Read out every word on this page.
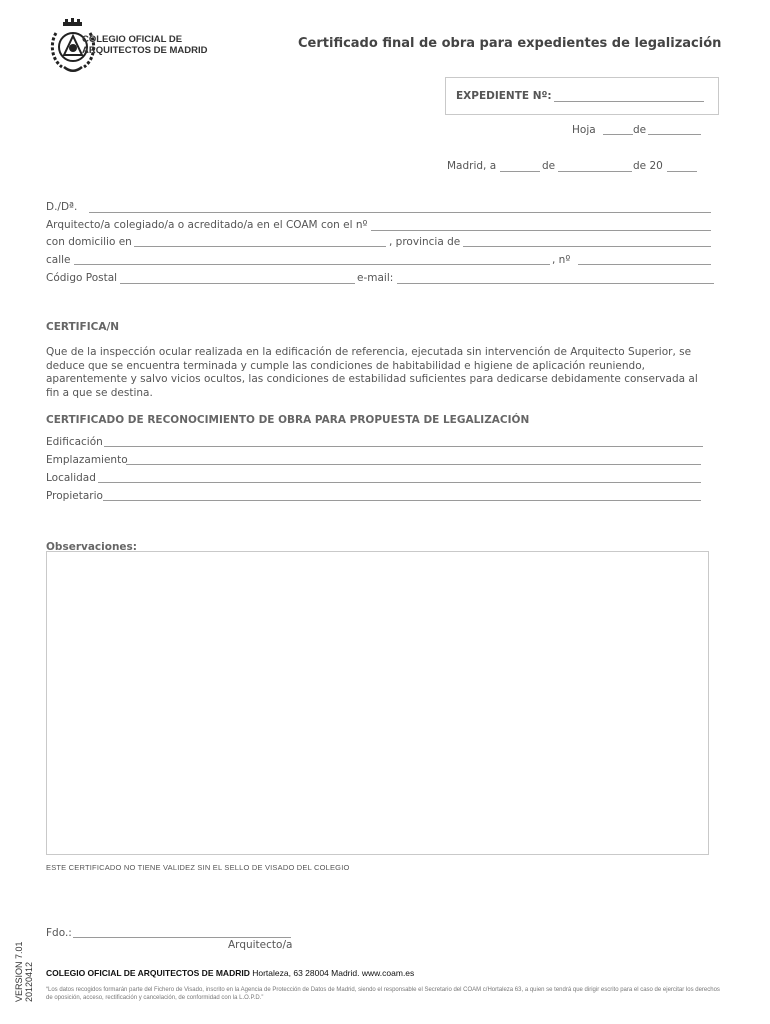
COLEGIO OFICIAL DE
ARQUITECTOS DE MADRID	Certificado final de obra para expedientes de legalización
EXPEDIENTE Nº:
Hoja	de
Madrid, a	de	de 20
D./Dª.
Arquitecto/a colegiado/a o acreditado/a en el COAM con el nº
con domicilio en	, provincia de
calle	, nº
Código Postal	e-mail:
CERTIFICA/N
Que de la inspección ocular realizada en la edificación de referencia, ejecutada sin intervención de Arquitecto Superior, se deduce que se encuentra terminada y cumple las condiciones de habitabilidad e higiene de aplicación reuniendo, aparentemente y salvo vicios ocultos, las condiciones de estabilidad suficientes para dedicarse debidamente conservada al fin a que se destina.
CERTIFICADO DE RECONOCIMIENTO DE OBRA PARA PROPUESTA DE LEGALIZACIÓN
Edificación
Emplazamiento
Localidad
Propietario
Observaciones:
ESTE CERTIFICADO NO TIENE VALIDEZ SIN EL SELLO DE VISADO DEL COLEGIO
Fdo.:
Arquitecto/a
COLEGIO OFICIAL DE ARQUITECTOS DE MADRID Hortaleza, 63 28004 Madrid. www.coam.es
“Los datos recogidos formarán parte del Fichero de Visado, inscrito en la Agencia de Protección de Datos de Madrid, siendo el responsable el Secretario del COAM c/Hortaleza 63, a quien se tendrá que dirigir escrito para el caso de ejercitar los derechos de oposición, acceso, rectificación y cancelación, de conformidad con la L.O.P.D.”
VERSION 7.01 20120412
